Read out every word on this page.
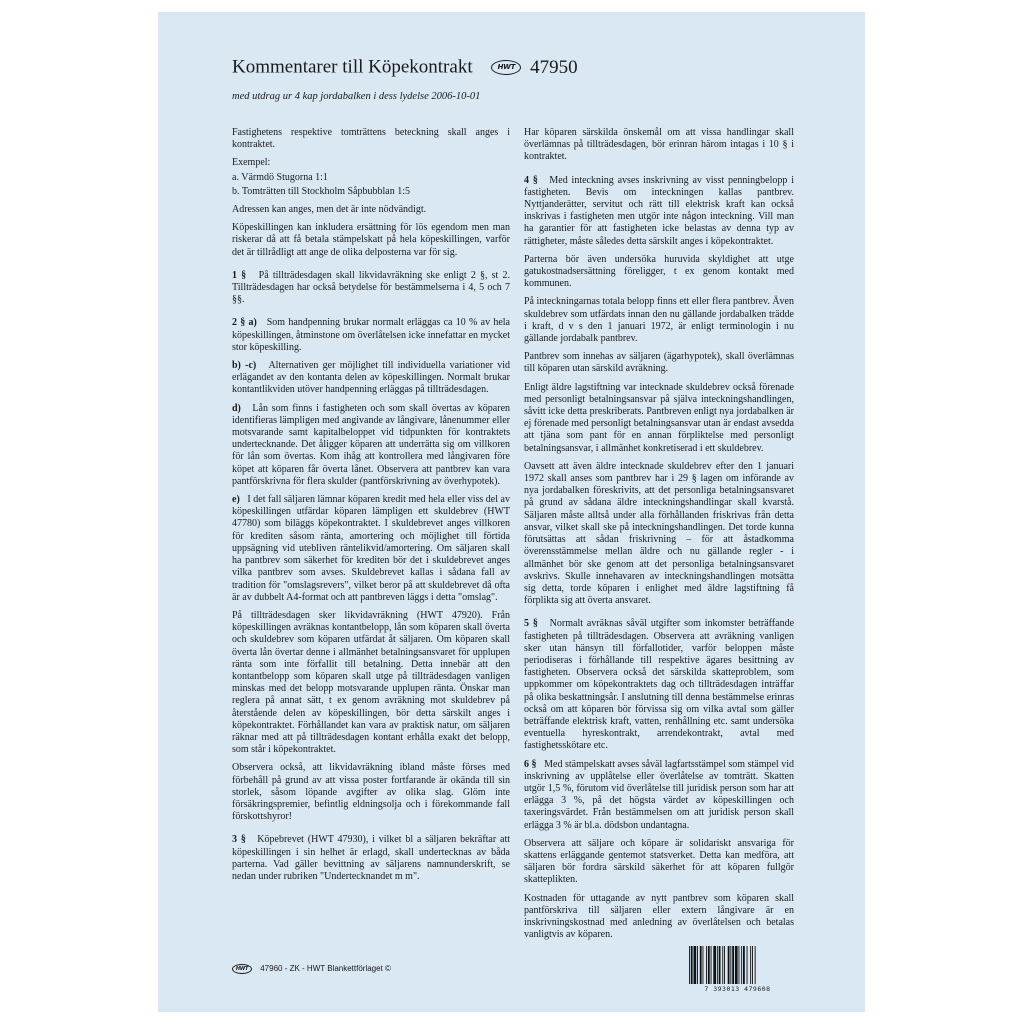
Kommentarer till Köpekontrakt	HWT 47950
med utdrag ur 4 kap jordabalken i dess lydelse 2006-10-01

Fastighetens respektive tomträttens beteckning skall anges i kontraktet.

Exempel:

a. Värmdö Stugorna 1:1

b. Tomträtten till Stockholm Såpbubblan 1:5

Adressen kan anges, men det är inte nödvändigt.

Köpeskillingen kan inkludera ersättning för lös egendom men man riskerar då att få betala stämpelskatt på hela köpeskillingen, varför det är tillrådligt att ange de olika delposterna var för sig.

1 § På tillträdesdagen skall likvidavräkning ske enligt 2 §, st 2. Tillträdesdagen har också betydelse för bestämmelserna i 4, 5 och 7 §§.

2 § a) Som handpenning brukar normalt erläggas ca 10 % av hela köpeskillingen, åtminstone om överlåtelsen icke innefattar en mycket stor köpeskilling.

b) -c) Alternativen ger möjlighet till individuella variationer vid erlägandet av den kontanta delen av köpeskillingen. Normalt brukar kontantlikviden utöver handpenning erläggas på tillträdesdagen.

d) Lån som finns i fastigheten och som skall övertas av köparen identifieras lämpligen med angivande av långivare, lånenummer eller motsvarande samt kapitalbeloppet vid tidpunkten för kontraktets undertecknande. Det åligger köparen att underrätta sig om villkoren för lån som övertas. Kom ihåg att kontrollera med långivaren före köpet att köparen får överta lånet. Observera att pantbrev kan vara pantförskrivna för flera skulder (pantförskrivning av överhypotek).

e) I det fall säljaren lämnar köparen kredit med hela eller viss del av köpeskillingen utfärdar köparen lämpligen ett skuldebrev (HWT 47780) som biläggs köpekontraktet. I skuldebrevet anges villkoren för krediten såsom ränta, amortering och möjlighet till förtida uppsägning vid utebliven räntelikvid/amortering. Om säljaren skall ha pantbrev som säkerhet för krediten bör det i skuldebrevet anges vilka pantbrev som avses. Skuldebrevet kallas i sådana fall av tradition för "omslagsrevers", vilket beror på att skuldebrevet då ofta är av dubbelt A4-format och att pantbreven läggs i detta "omslag".

På tillträdesdagen sker likvidavräkning (HWT 47920). Från köpeskillingen avräknas kontantbelopp, lån som köparen skall överta och skuldebrev som köparen utfärdat åt säljaren. Om köparen skall överta lån övertar denne i allmänhet betalningsansvaret för upplupen ränta som inte förfallit till betalning. Detta innebär att den kontantbelopp som köparen skall utge på tillträdesdagen vanligen minskas med det belopp motsvarande upplupen ränta. Önskar man reglera på annat sätt, t ex genom avräkning mot skuldebrev på återstående delen av köpeskillingen, bör detta särskilt anges i köpekontraktet. Förhållandet kan vara av praktisk natur, om säljaren räknar med att på tillträdesdagen kontant erhålla exakt det belopp, som står i köpekontraktet.

Observera också, att likvidavräkning ibland måste förses med förbehåll på grund av att vissa poster fortfarande är okända till sin storlek, såsom löpande avgifter av olika slag. Glöm inte försäkringspremier, befintlig eldningsolja och i förekommande fall förskottshyror!

3 § Köpebrevet (HWT 47930), i vilket bl a säljaren bekräftar att köpeskillingen i sin helhet är erlagd, skall undertecknas av båda parterna. Vad gäller bevittning av säljarens namnunderskrift, se nedan under rubriken "Undertecknandet m m".

Har köparen särskilda önskemål om att vissa handlingar skall överlämnas på tillträdesdagen, bör erinran härom intagas i 10 § i kontraktet.

4 § Med inteckning avses inskrivning av visst penningbelopp i fastigheten. Bevis om inteckningen kallas pantbrev. Nyttjanderätter, servitut och rätt till elektrisk kraft kan också inskrivas i fastigheten men utgör inte någon inteckning. Vill man ha garantier för att fastigheten icke belastas av denna typ av rättigheter, måste således detta särskilt anges i köpekontraktet.

Parterna bör även undersöka huruvida skyldighet att utge gatukostnadsersättning föreligger, t ex genom kontakt med kommunen.

På inteckningarnas totala belopp finns ett eller flera pantbrev. Även skuldebrev som utfärdats innan den nu gällande jordabalken trädde i kraft, d v s den 1 januari 1972, är enligt terminologin i nu gällande jordabalk pantbrev.

Pantbrev som innehas av säljaren (ägarhypotek), skall överlämnas till köparen utan särskild avräkning.

Enligt äldre lagstiftning var intecknade skuldebrev också förenade med personligt betalningsansvar på själva inteckningshandlingen, såvitt icke detta preskriberats. Pantbreven enligt nya jordabalken är ej förenade med personligt betalningsansvar utan är endast avsedda att tjäna som pant för en annan förpliktelse med personligt betalningsansvar, i allmänhet konkretiserad i ett skuldebrev.

Oavsett att även äldre intecknade skuldebrev efter den 1 januari 1972 skall anses som pantbrev har i 29 § lagen om införande av nya jordabalken föreskrivits, att det personliga betalningsansvaret på grund av sådana äldre inteckningshandlingar skall kvarstå. Säljaren måste alltså under alla förhållanden friskrivas från detta ansvar, vilket skall ske på inteckningshandlingen. Det torde kunna förutsättas att sådan friskrivning – för att åstadkomma överensstämmelse mellan äldre och nu gällande regler - i allmänhet bör ske genom att det personliga betalningsansvaret avskrivs. Skulle innehavaren av inteckningshandlingen motsätta sig detta, torde köparen i enlighet med äldre lagstiftning få förplikta sig att överta ansvaret.

5 § Normalt avräknas såväl utgifter som inkomster beträffande fastigheten på tillträdesdagen. Observera att avräkning vanligen sker utan hänsyn till förfallotider, varför beloppen måste periodiseras i förhållande till respektive ägares besittning av fastigheten. Observera också det särskilda skatteproblem, som uppkommer om köpekontraktets dag och tillträdesdagen inträffar på olika beskattningsår. I anslutning till denna bestämmelse erinras också om att köparen bör förvissa sig om vilka avtal som gäller beträffande elektrisk kraft, vatten, renhållning etc. samt undersöka eventuella hyreskontrakt, arrendekontrakt, avtal med fastighetsskötare etc.

6 § Med stämpelskatt avses såväl lagfartsstämpel som stämpel vid inskrivning av upplåtelse eller överlåtelse av tomträtt. Skatten utgör 1,5 %, förutom vid överlåtelse till juridisk person som har att erlägga 3 %, på det högsta värdet av köpeskillingen och taxeringsvärdet. Från bestämmelsen om att juridisk person skall erlägga 3 % är bl.a. dödsbon undantagna.

Observera att säljare och köpare är solidariskt ansvariga för skattens erläggande gentemot statsverket. Detta kan medföra, att säljaren bör fordra särskild säkerhet för att köparen fullgör skatteplikten.

Kostnaden för uttagande av nytt pantbrev som köparen skall pantförskriva till säljaren eller extern långivare är en inskrivningskostnad med anledning av överlåtelsen och betalas vanligtvis av köparen.

HWT 47960 - ZK - HWT Blankettförlaget ©
7 393013 479608
